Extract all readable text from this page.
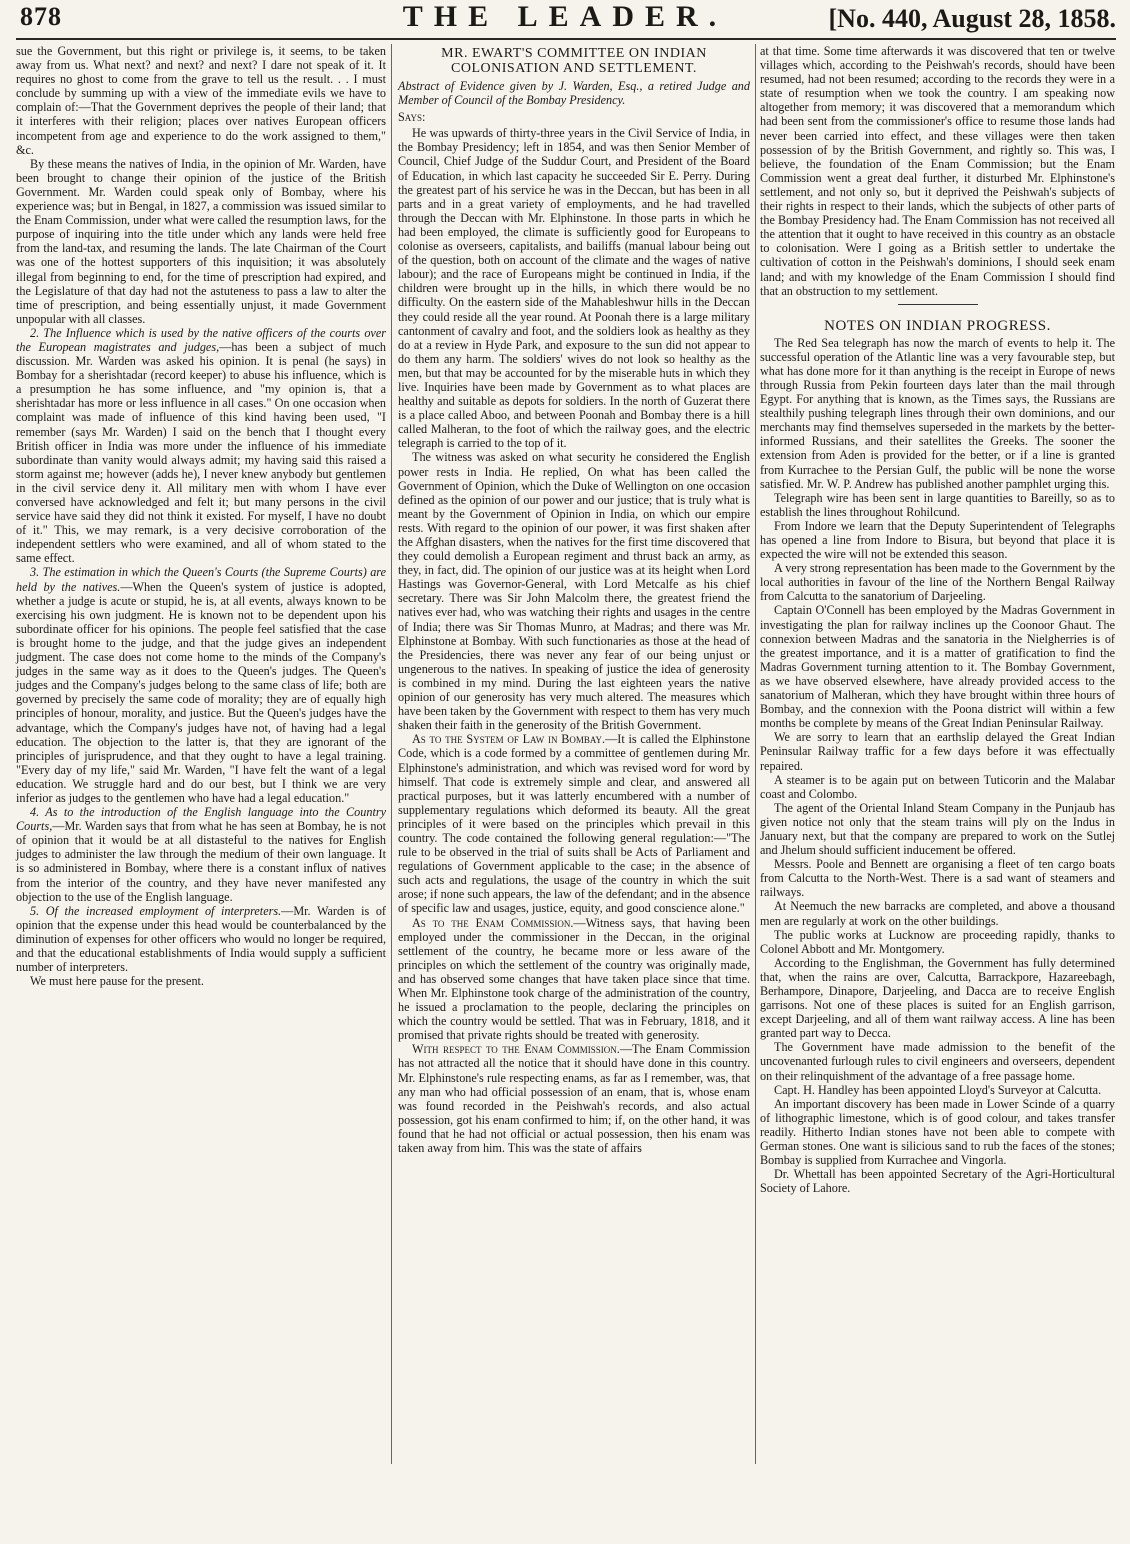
878	THE LEADER.	[No. 440, August 28, 1858.

sue the Government, but this right or privilege is, it seems, to be taken away from us. What next? and next? and next? I dare not speak of it. It requires no ghost to come from the grave to tell us the result. . . I must conclude by summing up with a view of the immediate evils we have to complain of:—That the Government deprives the people of their land; that it interferes with their religion; places over natives European officers incompetent from age and experience to do the work assigned to them," &c.

By these means the natives of India, in the opinion of Mr. Warden, have been brought to change their opinion of the justice of the British Government. Mr. Warden could speak only of Bombay, where his experience was; but in Bengal, in 1827, a commission was issued similar to the Enam Commission, under what were called the resumption laws, for the purpose of inquiring into the title under which any lands were held free from the land-tax, and resuming the lands. The late Chairman of the Court was one of the hottest supporters of this inquisition; it was absolutely illegal from beginning to end, for the time of prescription had expired, and the Legislature of that day had not the astuteness to pass a law to alter the time of prescription, and being essentially unjust, it made Government unpopular with all classes.

2. The Influence which is used by the native officers of the courts over the European magistrates and judges,—has been a subject of much discussion. Mr. Warden was asked his opinion. It is penal (he says) in Bombay for a sherishtadar (record keeper) to abuse his influence, which is a presumption he has some influence, and "my opinion is, that a sherishtadar has more or less influence in all cases." On one occasion when complaint was made of influence of this kind having been used, "I remember (says Mr. Warden) I said on the bench that I thought every British officer in India was more under the influence of his immediate subordinate than vanity would always admit; my having said this raised a storm against me; however (adds he), I never knew anybody but gentlemen in the civil service deny it. All military men with whom I have ever conversed have acknowledged and felt it; but many persons in the civil service have said they did not think it existed. For myself, I have no doubt of it." This, we may remark, is a very decisive corroboration of the independent settlers who were examined, and all of whom stated to the same effect.

3. The estimation in which the Queen's Courts (the Supreme Courts) are held by the natives.—When the Queen's system of justice is adopted, whether a judge is acute or stupid, he is, at all events, always known to be exercising his own judgment. He is known not to be dependent upon his subordinate officer for his opinions. The people feel satisfied that the case is brought home to the judge, and that the judge gives an independent judgment. The case does not come home to the minds of the Company's judges in the same way as it does to the Queen's judges. The Queen's judges and the Company's judges belong to the same class of life; both are governed by precisely the same code of morality; they are of equally high principles of honour, morality, and justice. But the Queen's judges have the advantage, which the Company's judges have not, of having had a legal education. The objection to the latter is, that they are ignorant of the principles of jurisprudence, and that they ought to have a legal training. "Every day of my life," said Mr. Warden, "I have felt the want of a legal education. We struggle hard and do our best, but I think we are very inferior as judges to the gentlemen who have had a legal education."

4. As to the introduction of the English language into the Country Courts,—Mr. Warden says that from what he has seen at Bombay, he is not of opinion that it would be at all distasteful to the natives for English judges to administer the law through the medium of their own language. It is so administered in Bombay, where there is a constant influx of natives from the interior of the country, and they have never manifested any objection to the use of the English language.

5. Of the increased employment of interpreters.—Mr. Warden is of opinion that the expense under this head would be counterbalanced by the diminution of expenses for other officers who would no longer be required, and that the educational establishments of India would supply a sufficient number of interpreters.

We must here pause for the present.

MR. EWART'S COMMITTEE ON INDIAN COLONISATION AND SETTLEMENT.

Abstract of Evidence given by J. Warden, Esq., a retired Judge and Member of Council of the Bombay Presidency.

Says:

He was upwards of thirty-three years in the Civil Service of India, in the Bombay Presidency; left in 1854, and was then Senior Member of Council, Chief Judge of the Suddur Court, and President of the Board of Education, in which last capacity he succeeded Sir E. Perry. During the greatest part of his service he was in the Deccan, but has been in all parts and in a great variety of employments, and he had travelled through the Deccan with Mr. Elphinstone. In those parts in which he had been employed, the climate is sufficiently good for Europeans to colonise as overseers, capitalists, and bailiffs (manual labour being out of the question, both on account of the climate and the wages of native labour); and the race of Europeans might be continued in India, if the children were brought up in the hills, in which there would be no difficulty. On the eastern side of the Mahableshwur hills in the Deccan they could reside all the year round. At Poonah there is a large military cantonment of cavalry and foot, and the soldiers look as healthy as they do at a review in Hyde Park, and exposure to the sun did not appear to do them any harm. The soldiers' wives do not look so healthy as the men, but that may be accounted for by the miserable huts in which they live. Inquiries have been made by Government as to what places are healthy and suitable as depots for soldiers. In the north of Guzerat there is a place called Aboo, and between Poonah and Bombay there is a hill called Malheran, to the foot of which the railway goes, and the electric telegraph is carried to the top of it.

The witness was asked on what security he considered the English power rests in India. He replied, On what has been called the Government of Opinion, which the Duke of Wellington on one occasion defined as the opinion of our power and our justice; that is truly what is meant by the Government of Opinion in India, on which our empire rests. With regard to the opinion of our power, it was first shaken after the Affghan disasters, when the natives for the first time discovered that they could demolish a European regiment and thrust back an army, as they, in fact, did. The opinion of our justice was at its height when Lord Hastings was Governor-General, with Lord Metcalfe as his chief secretary. There was Sir John Malcolm there, the greatest friend the natives ever had, who was watching their rights and usages in the centre of India; there was Sir Thomas Munro, at Madras; and there was Mr. Elphinstone at Bombay. With such functionaries as those at the head of the Presidencies, there was never any fear of our being unjust or ungenerous to the natives. In speaking of justice the idea of generosity is combined in my mind. During the last eighteen years the native opinion of our generosity has very much altered. The measures which have been taken by the Government with respect to them has very much shaken their faith in the generosity of the British Government.

As to the System of Law in Bombay.—It is called the Elphinstone Code, which is a code formed by a committee of gentlemen during Mr. Elphinstone's administration, and which was revised word for word by himself. That code is extremely simple and clear, and answered all practical purposes, but it was latterly encumbered with a number of supplementary regulations which deformed its beauty. All the great principles of it were based on the principles which prevail in this country. The code contained the following general regulation:—"The rule to be observed in the trial of suits shall be Acts of Parliament and regulations of Government applicable to the case; in the absence of such acts and regulations, the usage of the country in which the suit arose; if none such appears, the law of the defendant; and in the absence of specific law and usages, justice, equity, and good conscience alone."

As to the Enam Commission.—Witness says, that having been employed under the commissioner in the Deccan, in the original settlement of the country, he became more or less aware of the principles on which the settlement of the country was originally made, and has observed some changes that have taken place since that time. When Mr. Elphinstone took charge of the administration of the country, he issued a proclamation to the people, declaring the principles on which the country would be settled. That was in February, 1818, and it promised that private rights should be treated with generosity.

With respect to the Enam Commission.—The Enam Commission has not attracted all the notice that it should have done in this country. Mr. Elphinstone's rule respecting enams, as far as I remember, was, that any man who had official possession of an enam, that is, whose enam was found recorded in the Peishwah's records, and also actual possession, got his enam confirmed to him; if, on the other hand, it was found that he had not official or actual possession, then his enam was taken away from him. This was the state of affairs

at that time. Some time afterwards it was discovered that ten or twelve villages which, according to the Peishwah's records, should have been resumed, had not been resumed; according to the records they were in a state of resumption when we took the country. I am speaking now altogether from memory; it was discovered that a memorandum which had been sent from the commissioner's office to resume those lands had never been carried into effect, and these villages were then taken possession of by the British Government, and rightly so. This was, I believe, the foundation of the Enam Commission; but the Enam Commission went a great deal further, it disturbed Mr. Elphinstone's settlement, and not only so, but it deprived the Peishwah's subjects of their rights in respect to their lands, which the subjects of other parts of the Bombay Presidency had. The Enam Commission has not received all the attention that it ought to have received in this country as an obstacle to colonisation. Were I going as a British settler to undertake the cultivation of cotton in the Peishwah's dominions, I should seek enam land; and with my knowledge of the Enam Commission I should find that an obstruction to my settlement.

NOTES ON INDIAN PROGRESS.

The Red Sea telegraph has now the march of events to help it. The successful operation of the Atlantic line was a very favourable step, but what has done more for it than anything is the receipt in Europe of news through Russia from Pekin fourteen days later than the mail through Egypt. For anything that is known, as the Times says, the Russians are stealthily pushing telegraph lines through their own dominions, and our merchants may find themselves superseded in the markets by the better-informed Russians, and their satellites the Greeks. The sooner the extension from Aden is provided for the better, or if a line is granted from Kurrachee to the Persian Gulf, the public will be none the worse satisfied. Mr. W. P. Andrew has published another pamphlet urging this.

Telegraph wire has been sent in large quantities to Bareilly, so as to establish the lines throughout Rohilcund.

From Indore we learn that the Deputy Superintendent of Telegraphs has opened a line from Indore to Bisura, but beyond that place it is expected the wire will not be extended this season.

A very strong representation has been made to the Government by the local authorities in favour of the line of the Northern Bengal Railway from Calcutta to the sanatorium of Darjeeling.

Captain O'Connell has been employed by the Madras Government in investigating the plan for railway inclines up the Coonoor Ghaut. The connexion between Madras and the sanatoria in the Nielgherries is of the greatest importance, and it is a matter of gratification to find the Madras Government turning attention to it. The Bombay Government, as we have observed elsewhere, have already provided access to the sanatorium of Malheran, which they have brought within three hours of Bombay, and the connexion with the Poona district will within a few months be complete by means of the Great Indian Peninsular Railway.

We are sorry to learn that an earthslip delayed the Great Indian Peninsular Railway traffic for a few days before it was effectually repaired.

A steamer is to be again put on between Tuticorin and the Malabar coast and Colombo.

The agent of the Oriental Inland Steam Company in the Punjaub has given notice not only that the steam trains will ply on the Indus in January next, but that the company are prepared to work on the Sutlej and Jhelum should sufficient inducement be offered.

Messrs. Poole and Bennett are organising a fleet of ten cargo boats from Calcutta to the North-West. There is a sad want of steamers and railways.

At Neemuch the new barracks are completed, and above a thousand men are regularly at work on the other buildings.

The public works at Lucknow are proceeding rapidly, thanks to Colonel Abbott and Mr. Montgomery.

According to the Englishman, the Government has fully determined that, when the rains are over, Calcutta, Barrackpore, Hazareebagh, Berhampore, Dinapore, Darjeeling, and Dacca are to receive English garrisons. Not one of these places is suited for an English garrison, except Darjeeling, and all of them want railway access. A line has been granted part way to Decca.

The Government have made admission to the benefit of the uncovenanted furlough rules to civil engineers and overseers, dependent on their relinquishment of the advantage of a free passage home.

Capt. H. Handley has been appointed Lloyd's Surveyor at Calcutta.

An important discovery has been made in Lower Scinde of a quarry of lithographic limestone, which is of good colour, and takes transfer readily. Hitherto Indian stones have not been able to compete with German stones. One want is silicious sand to rub the faces of the stones; Bombay is supplied from Kurrachee and Vingorla.

Dr. Whettall has been appointed Secretary of the Agri-Horticultural Society of Lahore.
